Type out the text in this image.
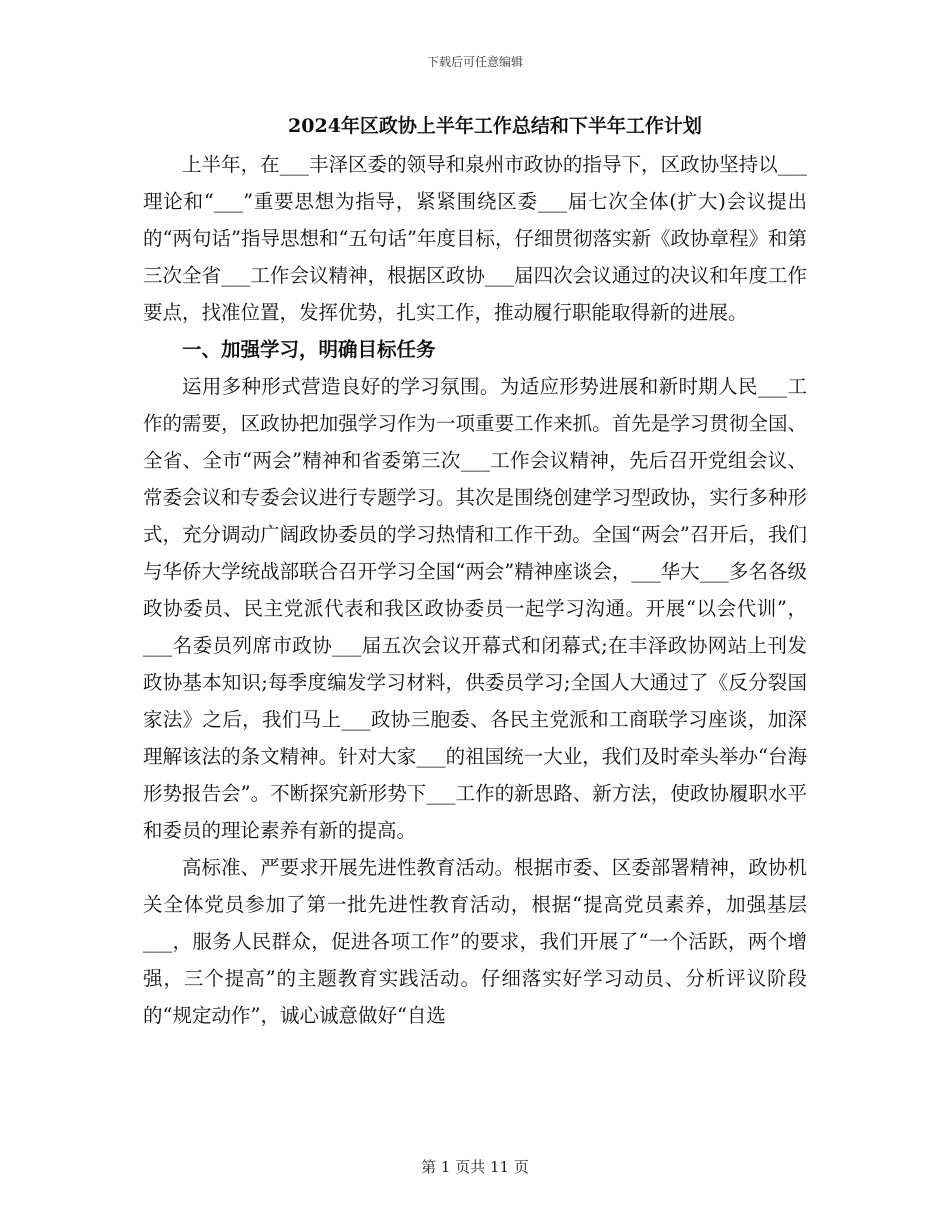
下载后可任意编辑
2024年区政协上半年工作总结和下半年工作计划

上半年，在___丰泽区委的领导和泉州市政协的指导下，区政协坚持以___理论和“___”重要思想为指导，紧紧围绕区委___届七次全体(扩大)会议提出的“两句话”指导思想和“五句话”年度目标，仔细贯彻落实新《政协章程》和第三次全省___工作会议精神，根据区政协___届四次会议通过的决议和年度工作要点，找准位置，发挥优势，扎实工作，推动履行职能取得新的进展。

一、加强学习，明确目标任务

运用多种形式营造良好的学习氛围。为适应形势进展和新时期人民___工作的需要，区政协把加强学习作为一项重要工作来抓。首先是学习贯彻全国、全省、全市“两会”精神和省委第三次___工作会议精神，先后召开党组会议、常委会议和专委会议进行专题学习。其次是围绕创建学习型政协，实行多种形式，充分调动广阔政协委员的学习热情和工作干劲。全国“两会”召开后，我们与华侨大学统战部联合召开学习全国“两会”精神座谈会，___华大___多名各级政协委员、民主党派代表和我区政协委员一起学习沟通。开展“以会代训”，___名委员列席市政协___届五次会议开幕式和闭幕式;在丰泽政协网站上刊发政协基本知识;每季度编发学习材料，供委员学习;全国人大通过了《反分裂国家法》之后，我们马上___政协三胞委、各民主党派和工商联学习座谈，加深理解该法的条文精神。针对大家___的祖国统一大业，我们及时牵头举办“台海形势报告会”。不断探究新形势下___工作的新思路、新方法，使政协履职水平和委员的理论素养有新的提高。

高标准、严要求开展先进性教育活动。根据市委、区委部署精神，政协机关全体党员参加了第一批先进性教育活动，根据“提高党员素养，加强基层___，服务人民群众，促进各项工作”的要求，我们开展了“一个活跃，两个增强，三个提高”的主题教育实践活动。仔细落实好学习动员、分析评议阶段的“规定动作”，诚心诚意做好“自选

第 1 页共 11 页
